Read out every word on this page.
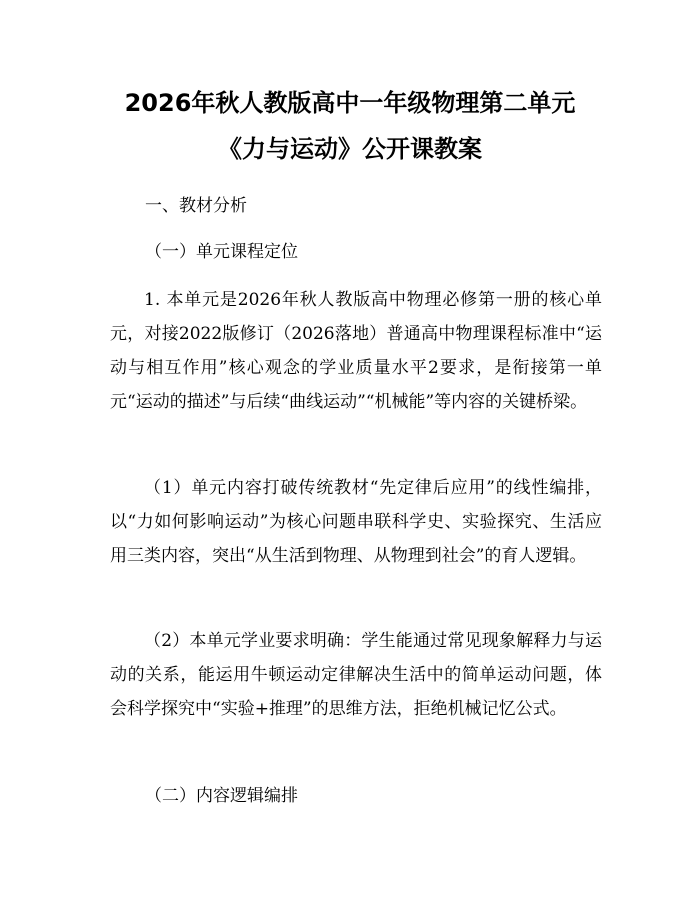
2026年秋人教版高中一年级物理第二单元
《力与运动》公开课教案
一、教材分析
（一）单元课程定位
1. 本单元是2026年秋人教版高中物理必修第一册的核心单元，对接2022版修订（2026落地）普通高中物理课程标准中“运动与相互作用”核心观念的学业质量水平2要求，是衔接第一单元“运动的描述”与后续“曲线运动”“机械能”等内容的关键桥梁。
（1）单元内容打破传统教材“先定律后应用”的线性编排，以“力如何影响运动”为核心问题串联科学史、实验探究、生活应用三类内容，突出“从生活到物理、从物理到社会”的育人逻辑。
（2）本单元学业要求明确：学生能通过常见现象解释力与运动的关系，能运用牛顿运动定律解决生活中的简单运动问题，体会科学探究中“实验+推理”的思维方法，拒绝机械记忆公式。
（二）内容逻辑编排
